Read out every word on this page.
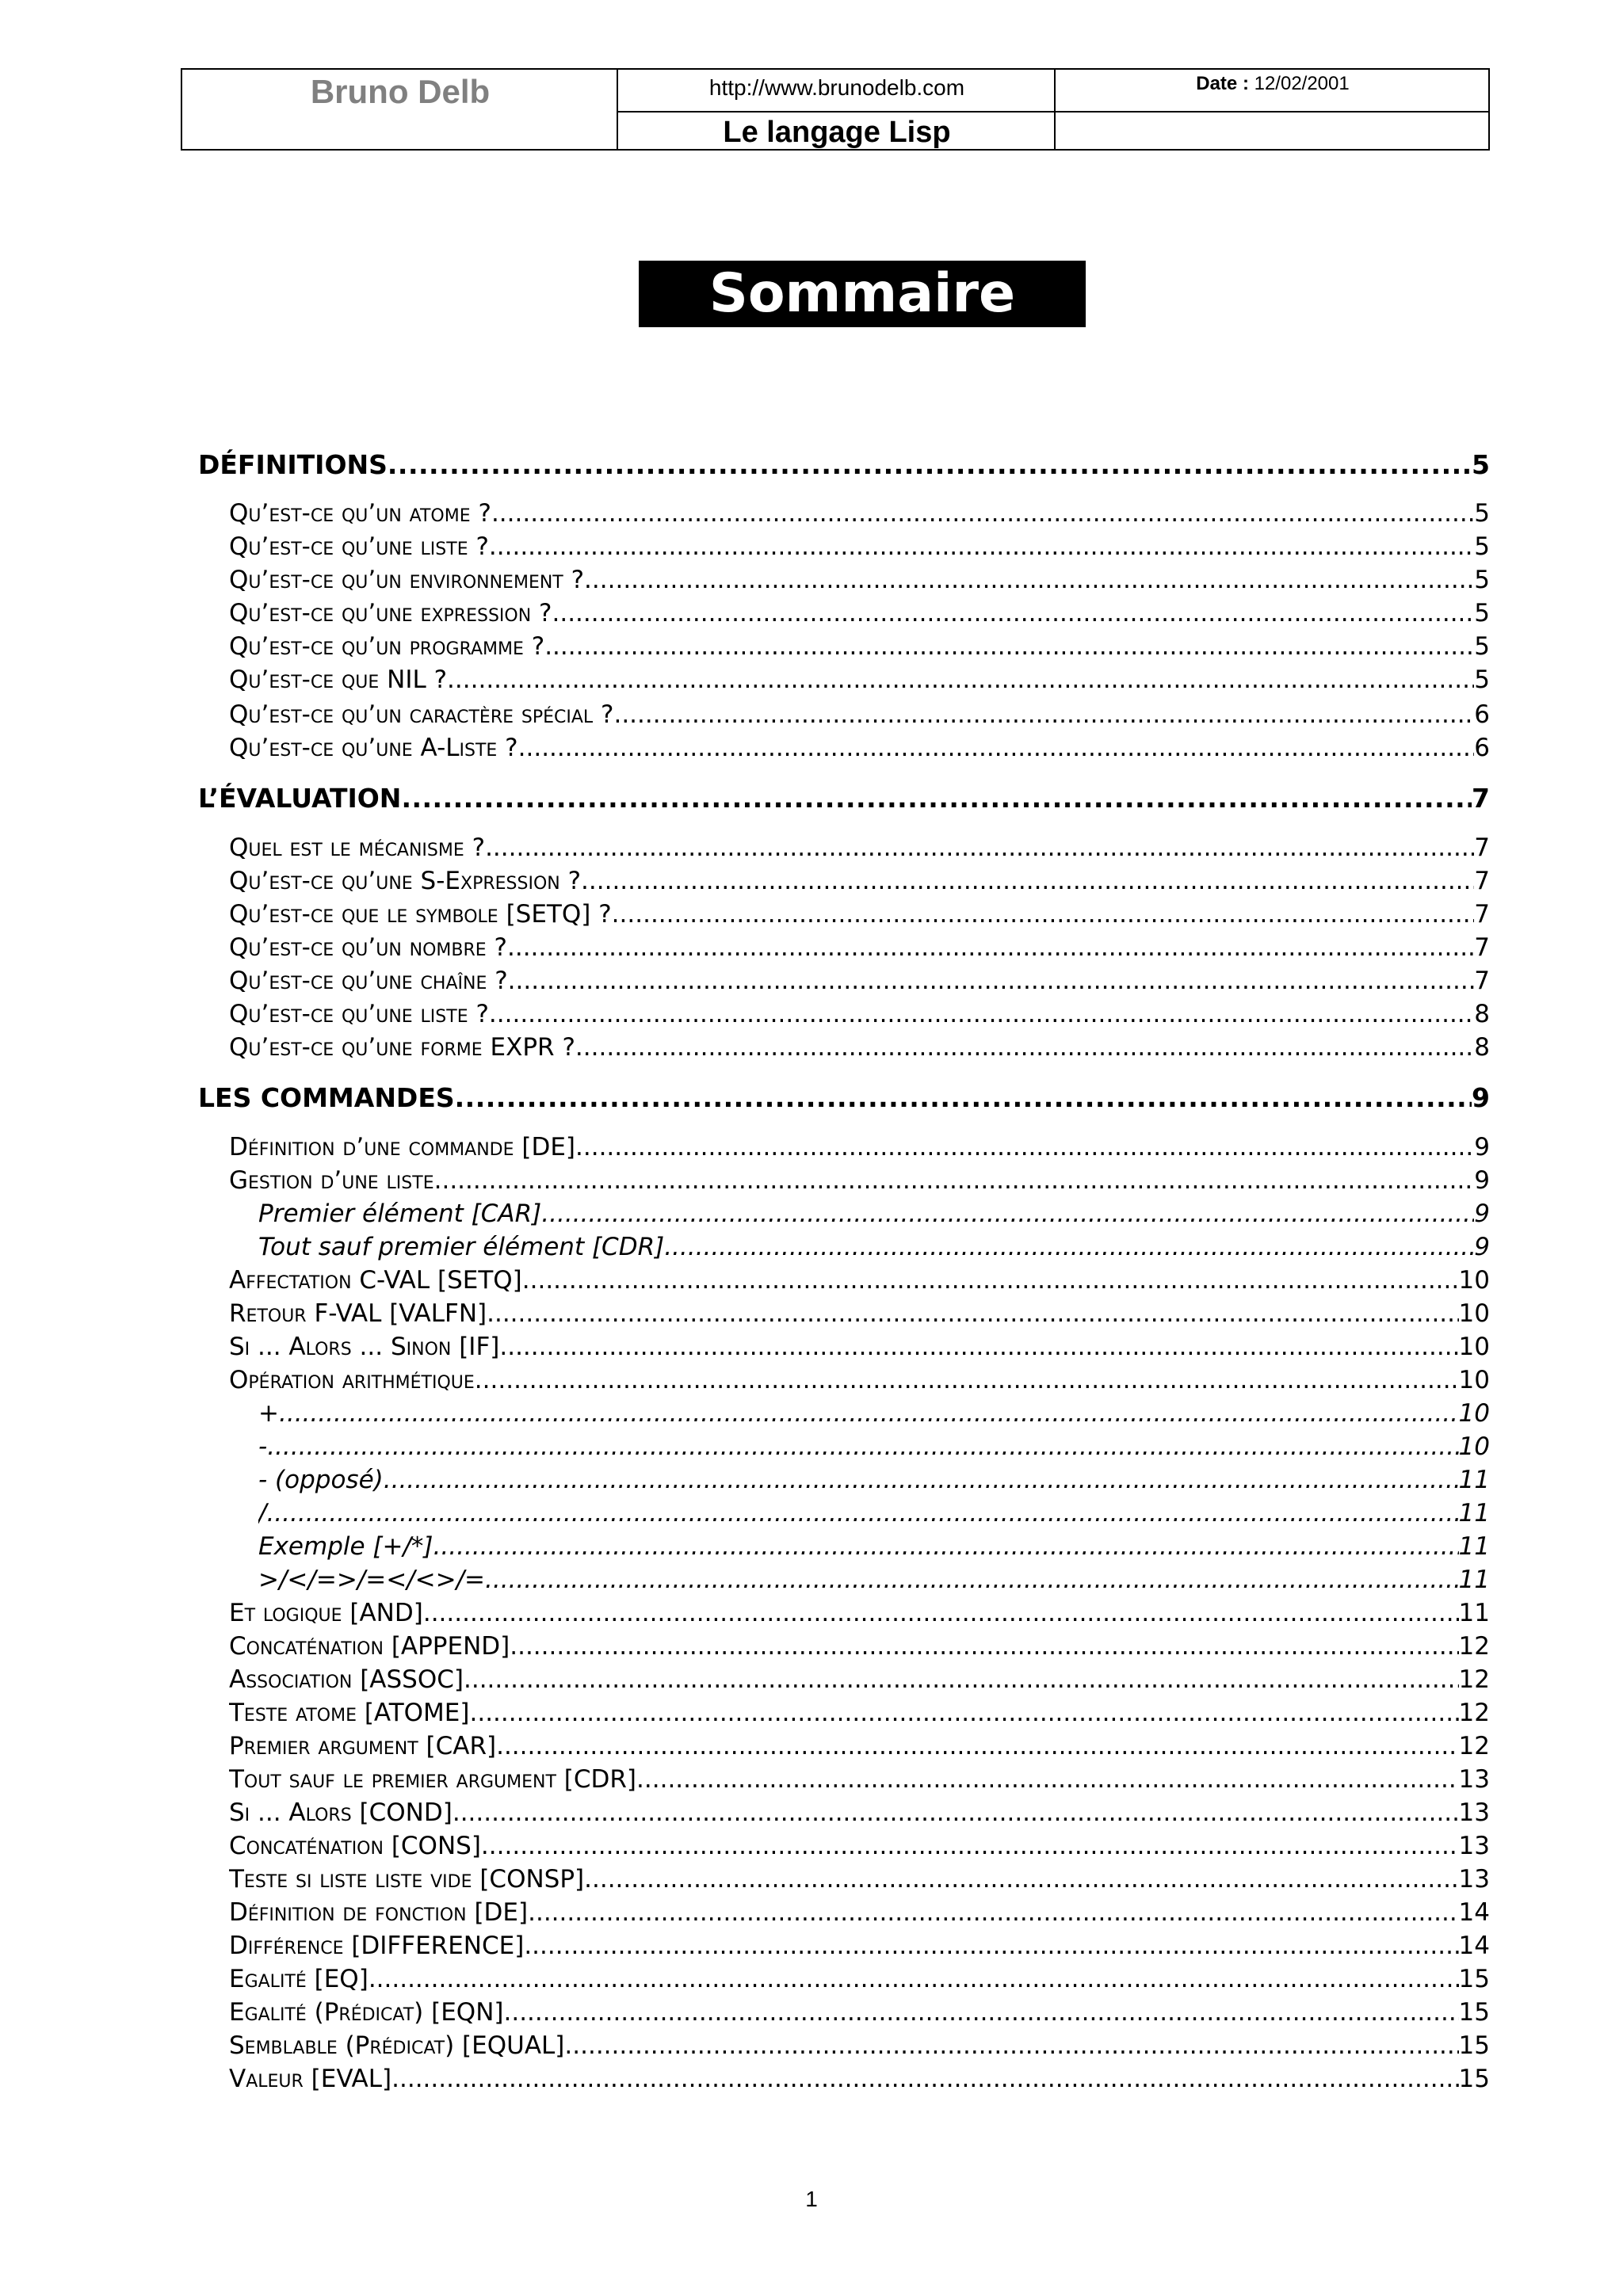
Bruno Delb	http://www.brunodelb.com	Date : 12/02/2001
Le langage Lisp
Sommaire
DÉFINITIONS .....	5
Qu’est-ce qu’un atome ? .....	5
Qu’est-ce qu’une liste ? .....	5
Qu’est-ce qu’un environnement ? .....	5
Qu’est-ce qu’une expression ? .....	5
Qu’est-ce qu’un programme ? .....	5
Qu’est-ce que NIL ? .....	5
Qu’est-ce qu’un caractère spécial ? .....	6
Qu’est-ce qu’une A-Liste ? .....	6
L’ÉVALUATION .....	7
Quel est le mécanisme ? .....	7
Qu’est-ce qu’une S-Expression ? .....	7
Qu’est-ce que le symbole [SETQ] ? .....	7
Qu’est-ce qu’un nombre ? .....	7
Qu’est-ce qu’une chaîne ? .....	7
Qu’est-ce qu’une liste ? .....	8
Qu’est-ce qu’une forme EXPR ? .....	8
LES COMMANDES .....	9
Définition d’une commande [DE] .....	9
Gestion d’une liste .....	9
Premier élément [CAR] .....	9
Tout sauf premier élément [CDR] .....	9
Affectation C-VAL [SETQ] .....	10
Retour F-VAL [VALFN] .....	10
Si ... Alors ... Sinon [IF] .....	10
Opération arithmétique .....	10
+ .....	10
- .....	10
- (opposé) .....	11
/ .....	11
Exemple [+/*] .....	11
>/</=>/=</<>/= .....	11
Et logique [AND] .....	11
Concaténation [APPEND] .....	12
Association [ASSOC] .....	12
Teste atome [ATOME] .....	12
Premier argument [CAR] .....	12
Tout sauf le premier argument [CDR] .....	13
Si ... Alors [COND] .....	13
Concaténation [CONS] .....	13
Teste si liste liste vide [CONSP] .....	13
Définition de fonction [DE] .....	14
Différence [DIFFERENCE] .....	14
Egalité [EQ] .....	15
Egalité (Prédicat) [EQN] .....	15
Semblable (Prédicat) [EQUAL] .....	15
Valeur [EVAL] .....	15
1
